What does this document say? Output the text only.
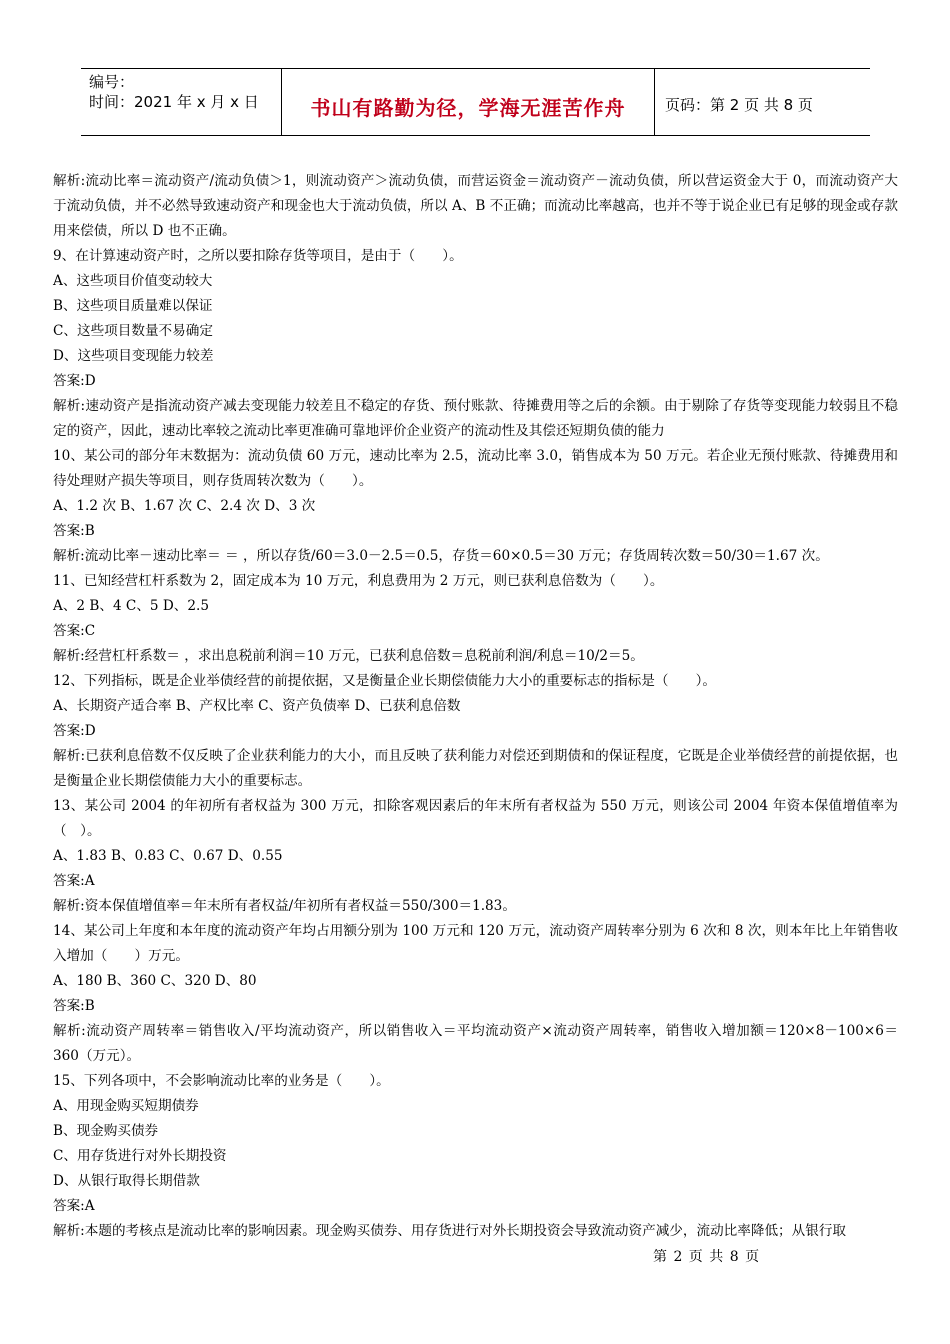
编号：
时间：2021 年 x 月 x 日	书山有路勤为径，学海无涯苦作舟	页码：第 2 页 共 8 页

解析:流动比率＝流动资产/流动负债＞1，则流动资产＞流动负债，而营运资金＝流动资产－流动负债，所以营运资金大于 0，而流动资产大于流动负债，并不必然导致速动资产和现金也大于流动负债，所以 A、B 不正确；而流动比率越高，也并不等于说企业已有足够的现金或存款用来偿债，所以 D 也不正确。

9、在计算速动资产时，之所以要扣除存货等项目，是由于（　　）。

A、这些项目价值变动较大

B、这些项目质量难以保证

C、这些项目数量不易确定

D、这些项目变现能力较差

答案:D

解析:速动资产是指流动资产减去变现能力较差且不稳定的存货、预付账款、待摊费用等之后的余额。由于剔除了存货等变现能力较弱且不稳定的资产，因此，速动比率较之流动比率更准确可靠地评价企业资产的流动性及其偿还短期负债的能力

10、某公司的部分年末数据为：流动负债 60 万元，速动比率为 2.5，流动比率 3.0，销售成本为 50 万元。若企业无预付账款、待摊费用和待处理财产损失等项目，则存货周转次数为（　　）。

A、1.2 次 B、1.67 次 C、2.4 次 D、3 次

答案:B

解析:流动比率－速动比率＝ ＝ ，所以存货/60＝3.0－2.5＝0.5，存货＝60×0.5＝30 万元；存货周转次数＝50/30＝1.67 次。

11、已知经营杠杆系数为 2，固定成本为 10 万元，利息费用为 2 万元，则已获利息倍数为（　　）。

A、2 B、4 C、5 D、2.5

答案:C

解析:经营杠杆系数＝ ，求出息税前利润＝10 万元，已获利息倍数＝息税前利润/利息＝10/2＝5。

12、下列指标，既是企业举债经营的前提依据，又是衡量企业长期偿债能力大小的重要标志的指标是（　　）。

A、长期资产适合率 B、产权比率 C、资产负债率 D、已获利息倍数

答案:D

解析:已获利息倍数不仅反映了企业获利能力的大小，而且反映了获利能力对偿还到期债和的保证程度，它既是企业举债经营的前提依据，也是衡量企业长期偿债能力大小的重要标志。

13、某公司 2004 的年初所有者权益为 300 万元，扣除客观因素后的年末所有者权益为 550 万元，则该公司 2004 年资本保值增值率为（　）。

A、1.83 B、0.83 C、0.67 D、0.55

答案:A

解析:资本保值增值率＝年末所有者权益/年初所有者权益＝550/300＝1.83。

14、某公司上年度和本年度的流动资产年均占用额分别为 100 万元和 120 万元，流动资产周转率分别为 6 次和 8 次，则本年比上年销售收入增加（　　）万元。

A、180 B、360 C、320 D、80

答案:B

解析:流动资产周转率＝销售收入/平均流动资产，所以销售收入＝平均流动资产×流动资产周转率，销售收入增加额＝120×8－100×6＝360（万元）。

15、下列各项中，不会影响流动比率的业务是（　　）。

A、用现金购买短期债券

B、现金购买债券

C、用存货进行对外长期投资

D、从银行取得长期借款

答案:A

解析:本题的考核点是流动比率的影响因素。现金购买债券、用存货进行对外长期投资会导致流动资产减少，流动比率降低；从银行取

第 2 页 共 8 页
